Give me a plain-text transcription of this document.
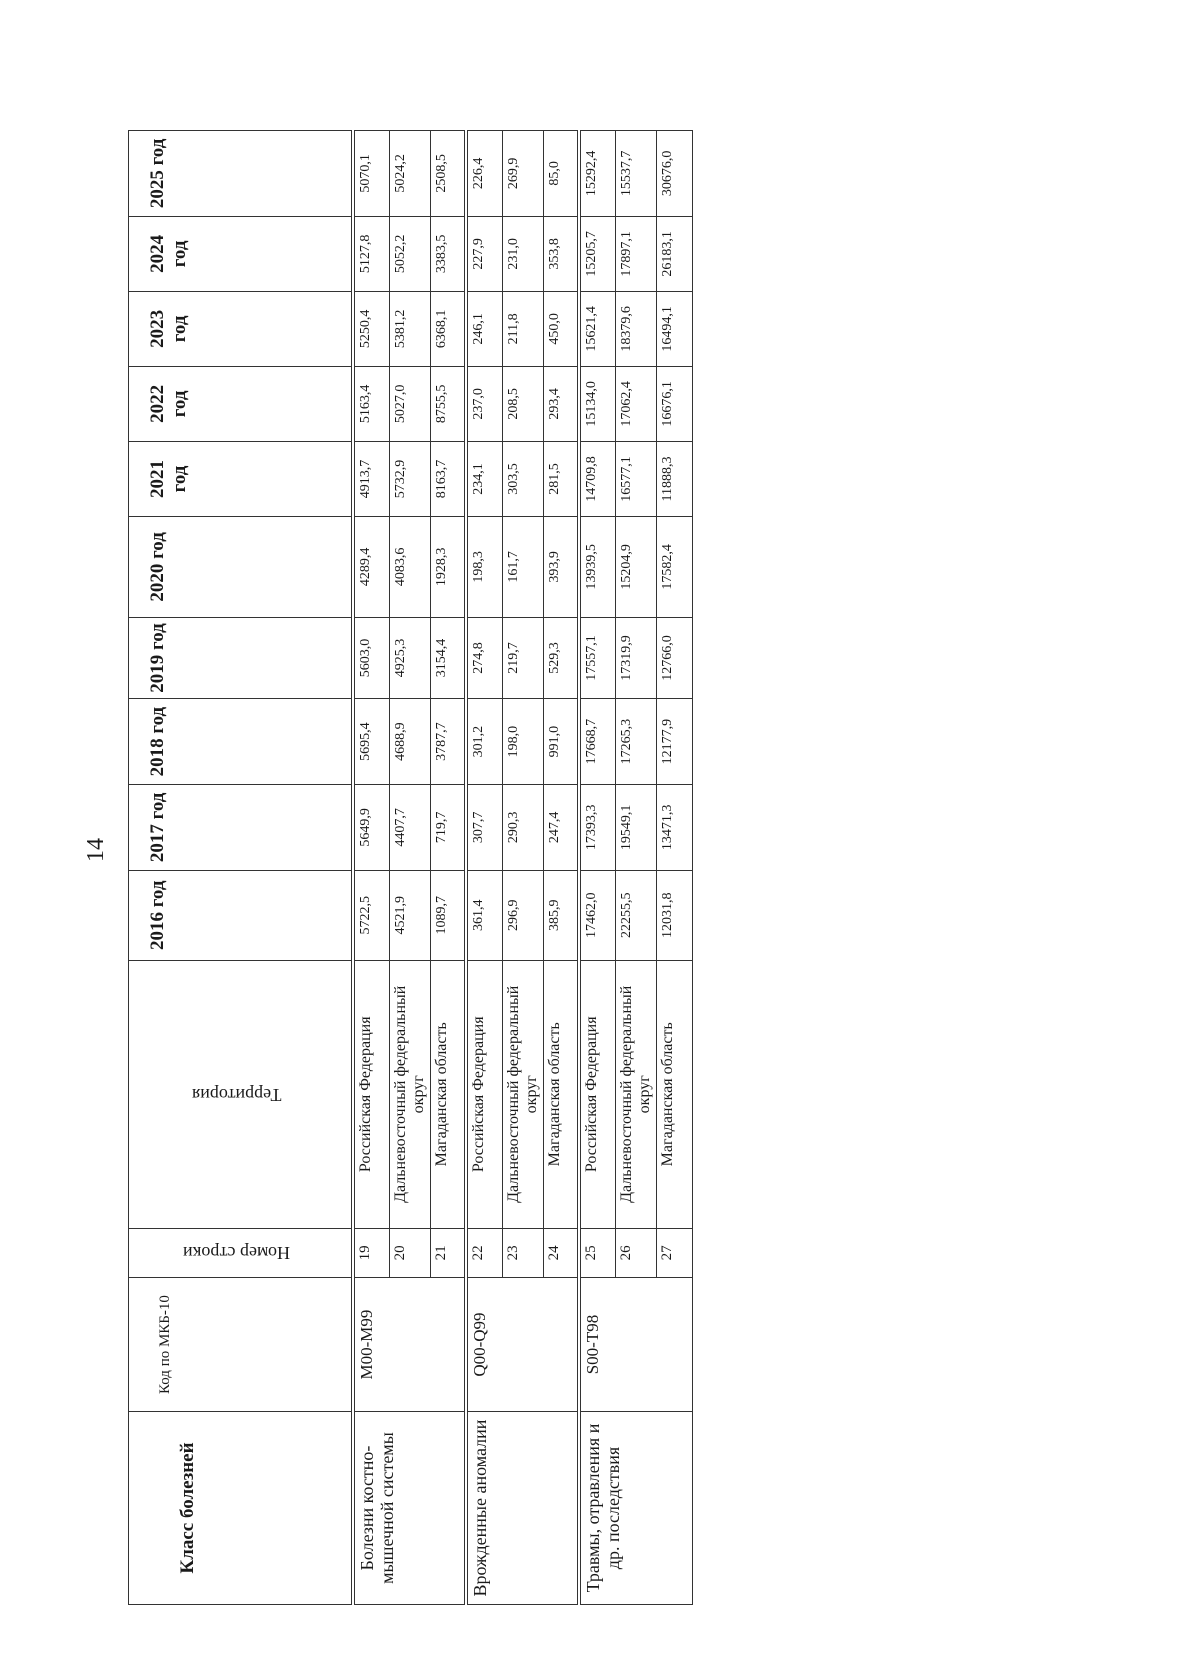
14
Класс болезней	Код по МКБ-10	Номер строки	Территория	2016 год	2017 год	2018 год	2019 год	2020 год	2021 год	2022 год	2023 год	2024 год	2025 год
Болезни костно-мышечной системы	M00-M99	19	Российская Федерация	5722,5	5649,9	5695,4	5603,0	4289,4	4913,7	5163,4	5250,4	5127,8	5070,1
		20	Дальневосточный федеральный округ	4521,9	4407,7	4688,9	4925,3	4083,6	5732,9	5027,0	5381,2	5052,2	5024,2
		21	Магаданская область	1089,7	719,7	3787,7	3154,4	1928,3	8163,7	8755,5	6368,1	3383,5	2508,5
Врожденные аномалии	Q00-Q99	22	Российская Федерация	361,4	307,7	301,2	274,8	198,3	234,1	237,0	246,1	227,9	226,4
		23	Дальневосточный федеральный округ	296,9	290,3	198,0	219,7	161,7	303,5	208,5	211,8	231,0	269,9
		24	Магаданская область	385,9	247,4	991,0	529,3	393,9	281,5	293,4	450,0	353,8	85,0
Травмы, отравления и др. последствия	S00-T98	25	Российская Федерация	17462,0	17393,3	17668,7	17557,1	13939,5	14709,8	15134,0	15621,4	15205,7	15292,4
		26	Дальневосточный федеральный округ	22255,5	19549,1	17265,3	17319,9	15204,9	16577,1	17062,4	18379,6	17897,1	15537,7
		27	Магаданская область	12031,8	13471,3	12177,9	12766,0	17582,4	11888,3	16676,1	16494,1	26183,1	30676,0
